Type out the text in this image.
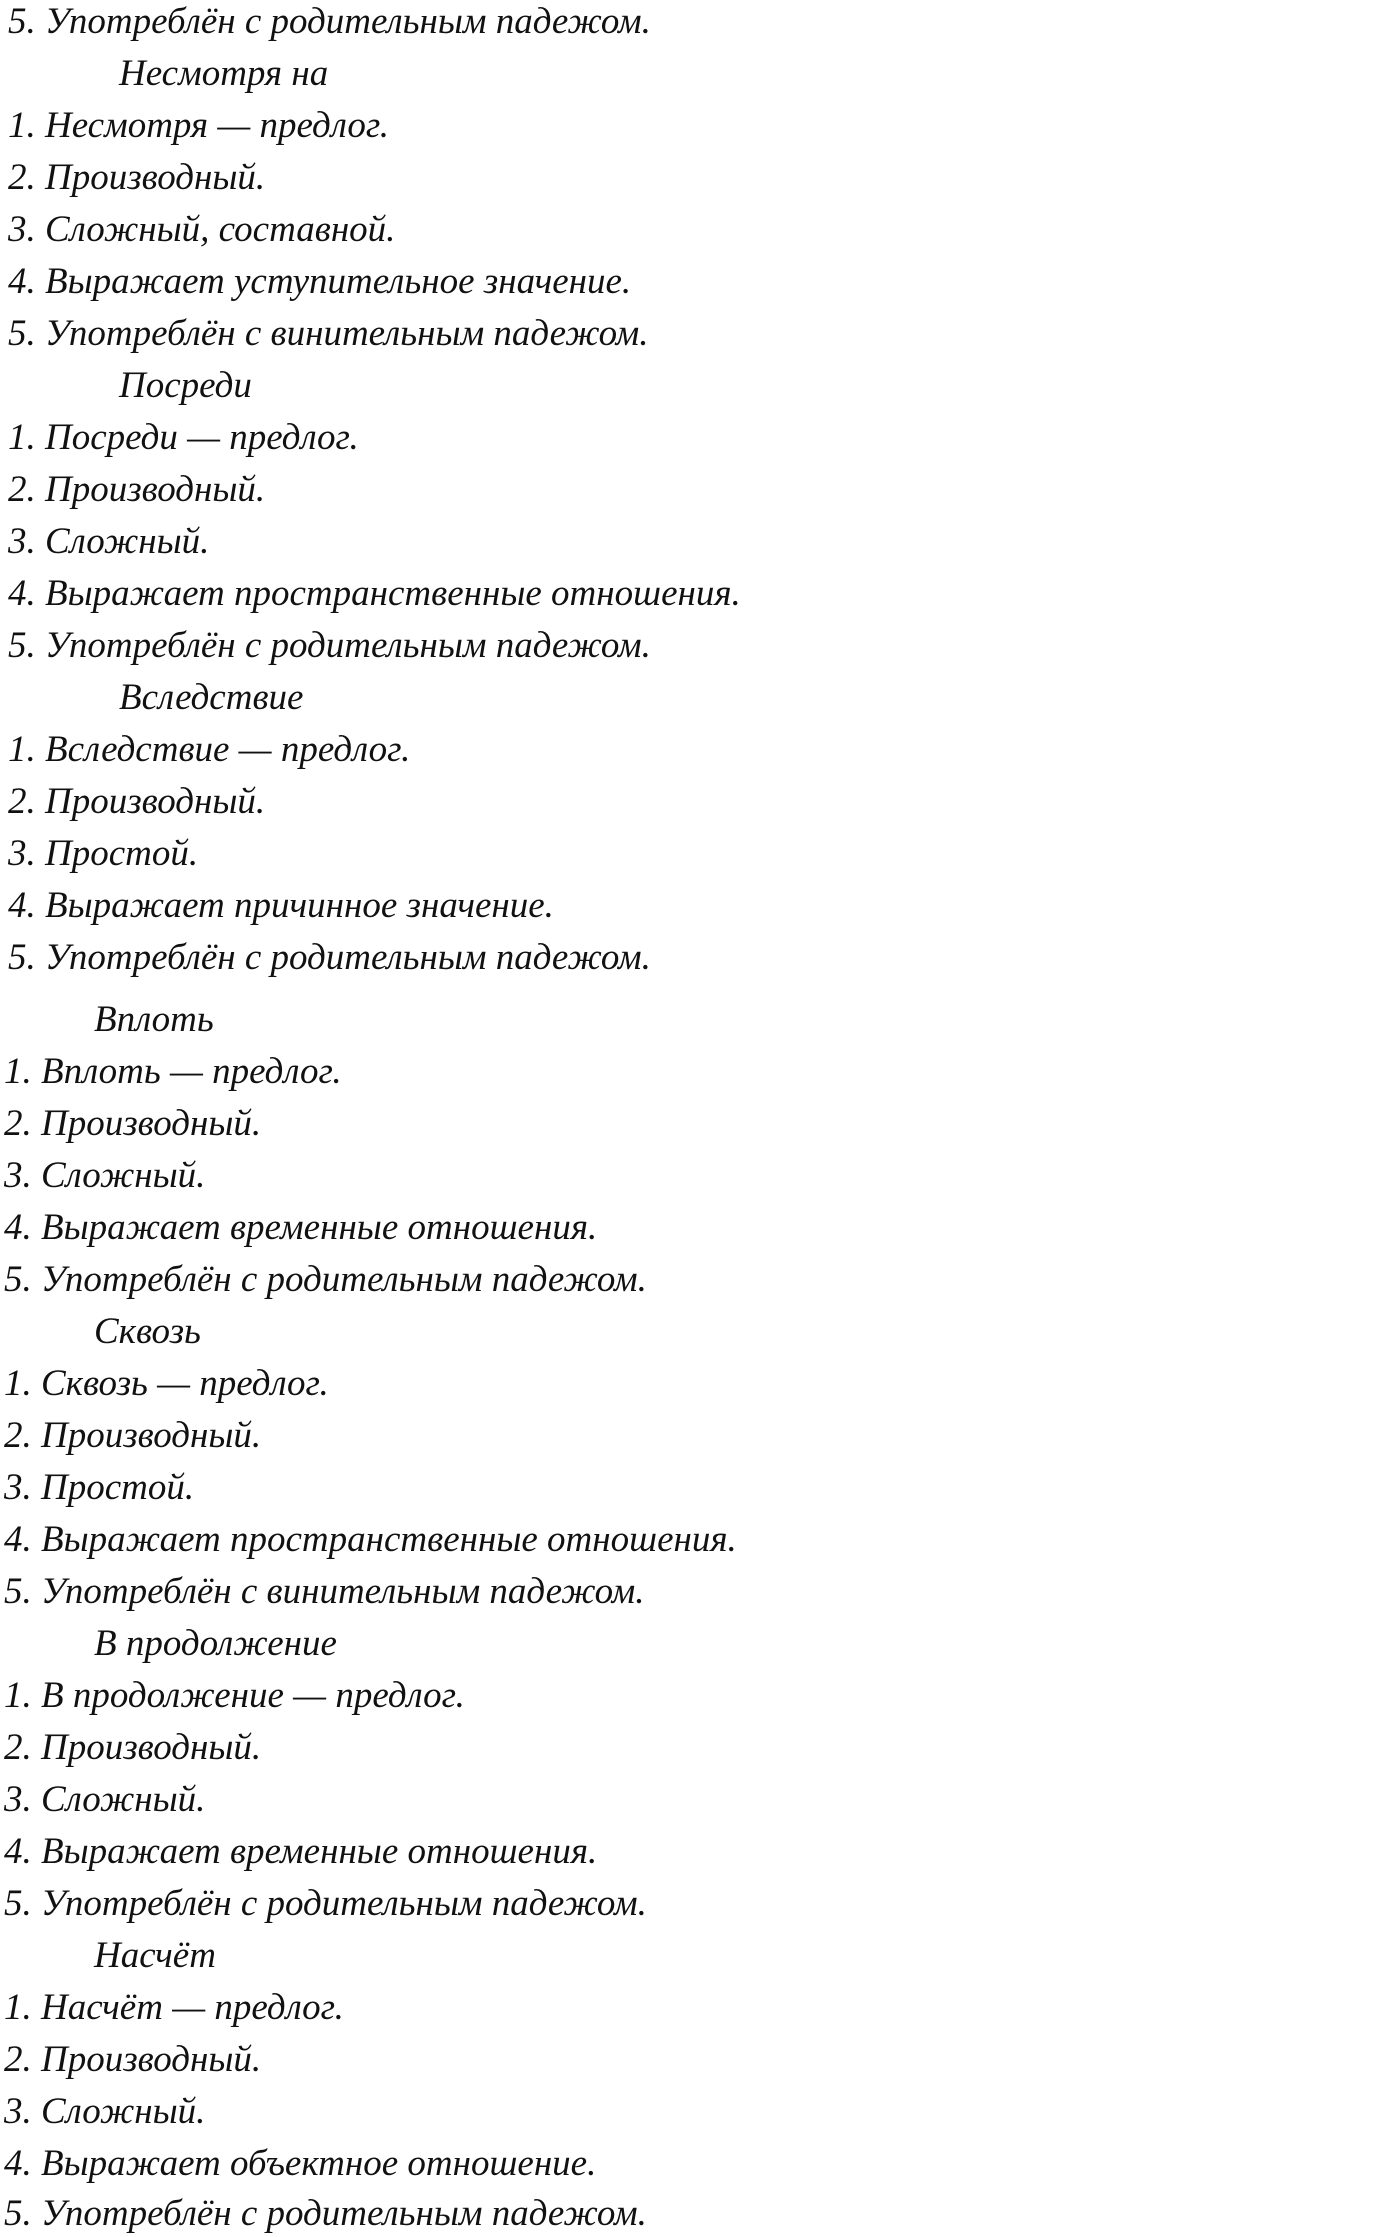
5. Употреблён с родительным падежом.
Несмотря на
1. Несмотря — предлог.
2. Производный.
3. Сложный, составной.
4. Выражает уступительное значение.
5. Употреблён с винительным падежом.
Посреди
1. Посреди — предлог.
2. Производный.
3. Сложный.
4. Выражает пространственные отношения.
5. Употреблён с родительным падежом.
Вследствие
1. Вследствие — предлог.
2. Производный.
3. Простой.
4. Выражает причинное значение.
5. Употреблён с родительным падежом.
Вплоть
1. Вплоть — предлог.
2. Производный.
3. Сложный.
4. Выражает временные отношения.
5. Употреблён с родительным падежом.
Сквозь
1. Сквозь — предлог.
2. Производный.
3. Простой.
4. Выражает пространственные отношения.
5. Употреблён с винительным падежом.
В продолжение
1. В продолжение — предлог.
2. Производный.
3. Сложный.
4. Выражает временные отношения.
5. Употреблён с родительным падежом.
Насчёт
1. Насчёт — предлог.
2. Производный.
3. Сложный.
4. Выражает объектное отношение.
5. Употреблён с родительным падежом.
